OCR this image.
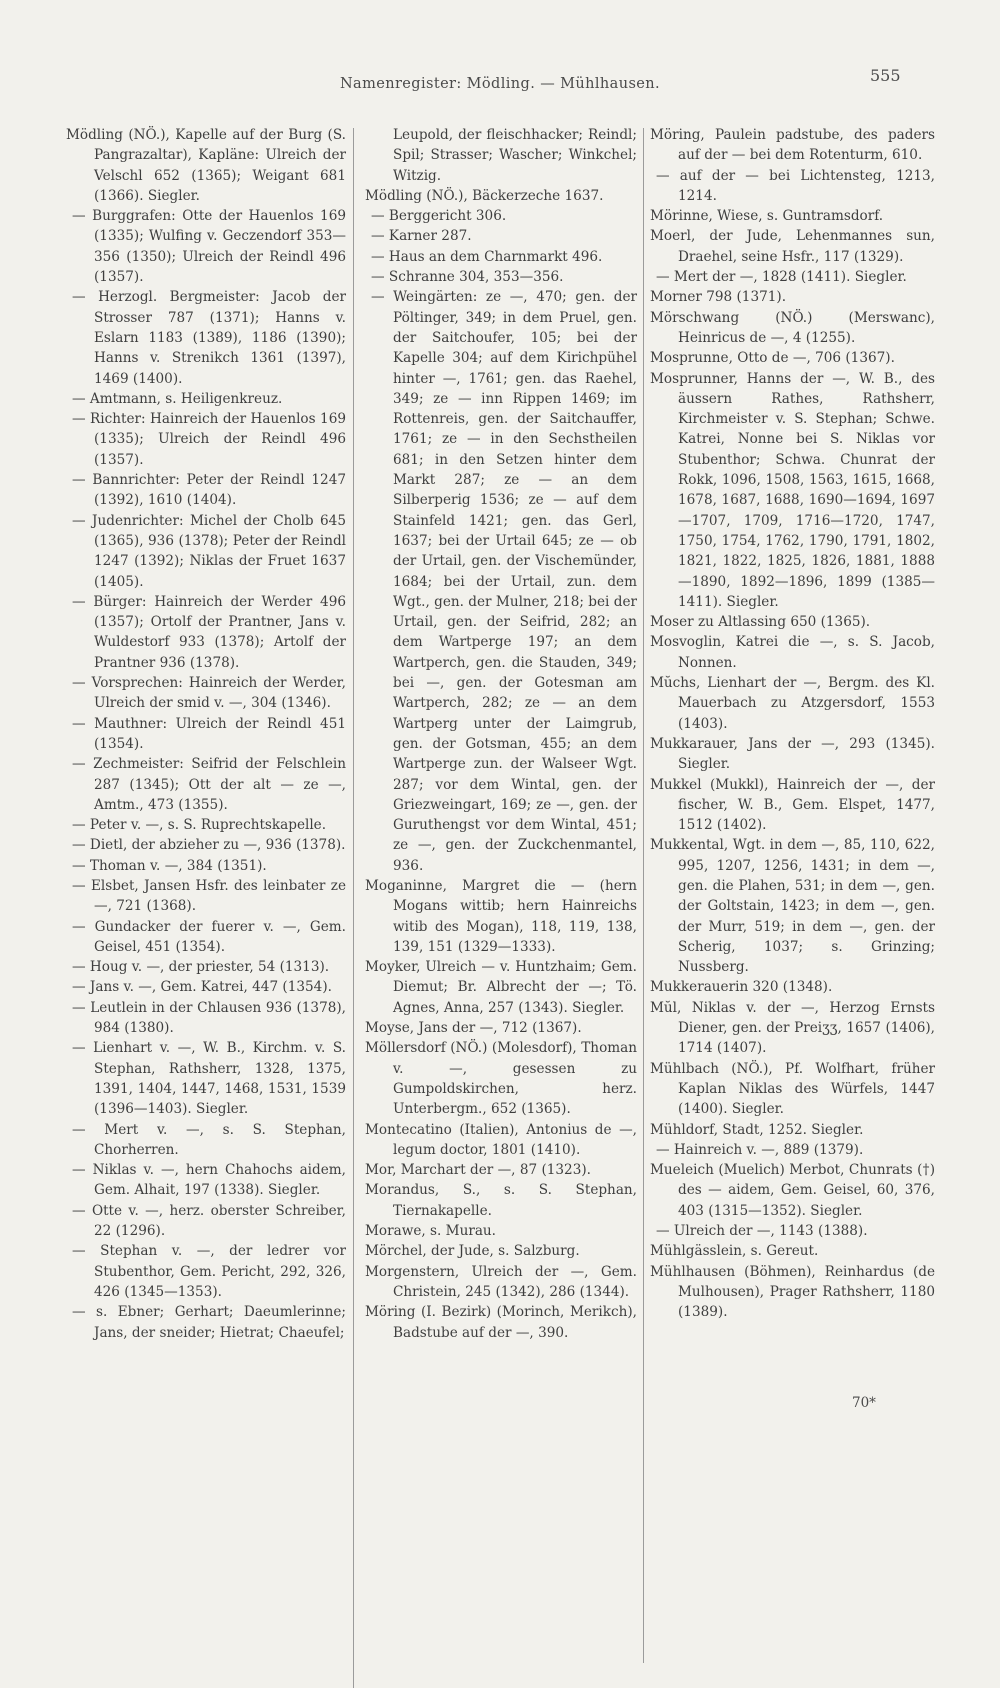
Namenregister: Mödling. — Mühlhausen.	555

Mödling (NÖ.), Kapelle auf der Burg (S. Pangrazaltar), Kapläne: Ulreich der Velschl 652 (1365); Weigant 681 (1366). Siegler.

— Burggrafen: Otte der Hauenlos 169 (1335); Wulfing v. Geczendorf 353—356 (1350); Ulreich der Reindl 496 (1357).

— Herzogl. Bergmeister: Jacob der Strosser 787 (1371); Hanns v. Eslarn 1183 (1389), 1186 (1390); Hanns v. Strenikch 1361 (1397), 1469 (1400).

— Amtmann, s. Heiligenkreuz.

— Richter: Hainreich der Hauenlos 169 (1335); Ulreich der Reindl 496 (1357).

— Bannrichter: Peter der Reindl 1247 (1392), 1610 (1404).

— Judenrichter: Michel der Cholb 645 (1365), 936 (1378); Peter der Reindl 1247 (1392); Niklas der Fruet 1637 (1405).

— Bürger: Hainreich der Werder 496 (1357); Ortolf der Prantner, Jans v. Wuldestorf 933 (1378); Artolf der Prantner 936 (1378).

— Vorsprechen: Hainreich der Werder, Ulreich der smid v. —, 304 (1346).

— Mauthner: Ulreich der Reindl 451 (1354).

— Zechmeister: Seifrid der Felschlein 287 (1345); Ott der alt — ze —, Amtm., 473 (1355).

— Peter v. —, s. S. Ruprechtskapelle.

— Dietl, der abzieher zu —, 936 (1378).

— Thoman v. —, 384 (1351).

— Elsbet, Jansen Hsfr. des leinbater ze —, 721 (1368).

— Gundacker der fuerer v. —, Gem. Geisel, 451 (1354).

— Houg v. —, der priester, 54 (1313).

— Jans v. —, Gem. Katrei, 447 (1354).

— Leutlein in der Chlausen 936 (1378), 984 (1380).

— Lienhart v. —, W. B., Kirchm. v. S. Stephan, Rathsherr, 1328, 1375, 1391, 1404, 1447, 1468, 1531, 1539 (1396—1403). Siegler.

— Mert v. —, s. S. Stephan, Chorherren.

— Niklas v. —, hern Chahochs aidem, Gem. Alhait, 197 (1338). Siegler.

— Otte v. —, herz. oberster Schreiber, 22 (1296).

— Stephan v. —, der ledrer vor Stubenthor, Gem. Pericht, 292, 326, 426 (1345—1353).

— s. Ebner; Gerhart; Daeumlerinne; Jans, der sneider; Hietrat; Chaeufel;

Leupold, der fleischhacker; Reindl; Spil; Strasser; Wascher; Winkchel; Witzig.

Mödling (NÖ.), Bäckerzeche 1637.

— Berggericht 306.

— Karner 287.

— Haus an dem Charnmarkt 496.

— Schranne 304, 353—356.

— Weingärten: ze —, 470; gen. der Pöltinger, 349; in dem Pruel, gen. der Saitchoufer, 105; bei der Kapelle 304; auf dem Kirichpühel hinter —, 1761; gen. das Raehel, 349; ze — inn Rippen 1469; im Rottenreis, gen. der Saitchauffer, 1761; ze — in den Sechstheilen 681; in den Setzen hinter dem Markt 287; ze — an dem Silberperig 1536; ze — auf dem Stainfeld 1421; gen. das Gerl, 1637; bei der Urtail 645; ze — ob der Urtail, gen. der Vischemünder, 1684; bei der Urtail, zun. dem Wgt., gen. der Mulner, 218; bei der Urtail, gen. der Seifrid, 282; an dem Wartperge 197; an dem Wartperch, gen. die Stauden, 349; bei —, gen. der Gotesman am Wartperch, 282; ze — an dem Wartperg unter der Laimgrub, gen. der Gotsman, 455; an dem Wartperge zun. der Walseer Wgt. 287; vor dem Wintal, gen. der Griezweingart, 169; ze —, gen. der Guruthengst vor dem Wintal, 451; ze —, gen. der Zuckchenmantel, 936.

Moganinne, Margret die — (hern Mogans wittib; hern Hainreichs witib des Mogan), 118, 119, 138, 139, 151 (1329—1333).

Moyker, Ulreich — v. Huntzhaim; Gem. Diemut; Br. Albrecht der —; Tö. Agnes, Anna, 257 (1343). Siegler.

Moyse, Jans der —, 712 (1367).

Möllersdorf (NÖ.) (Molesdorf), Thoman v. —, gesessen zu Gumpoldskirchen, herz. Unterbergm., 652 (1365).

Montecatino (Italien), Antonius de —, legum doctor, 1801 (1410).

Mor, Marchart der —, 87 (1323).

Morandus, S., s. S. Stephan, Tiernakapelle.

Morawe, s. Murau.

Mörchel, der Jude, s. Salzburg.

Morgenstern, Ulreich der —, Gem. Christein, 245 (1342), 286 (1344).

Möring (I. Bezirk) (Morinch, Merikch), Badstube auf der —, 390.

Möring, Paulein padstube, des paders auf der — bei dem Rotenturm, 610.

— auf der — bei Lichtensteg, 1213, 1214.

Mörinne, Wiese, s. Guntramsdorf.

Moerl, der Jude, Lehenmannes sun, Draehel, seine Hsfr., 117 (1329).

— Mert der —, 1828 (1411). Siegler.

Morner 798 (1371).

Mörschwang (NÖ.) (Merswanc), Heinricus de —, 4 (1255).

Mosprunne, Otto de —, 706 (1367).

Mosprunner, Hanns der —, W. B., des äussern Rathes, Rathsherr, Kirchmeister v. S. Stephan; Schwe. Katrei, Nonne bei S. Niklas vor Stubenthor; Schwa. Chunrat der Rokk, 1096, 1508, 1563, 1615, 1668, 1678, 1687, 1688, 1690—1694, 1697—1707, 1709, 1716—1720, 1747, 1750, 1754, 1762, 1790, 1791, 1802, 1821, 1822, 1825, 1826, 1881, 1888—1890, 1892—1896, 1899 (1385—1411). Siegler.

Moser zu Altlassing 650 (1365).

Mosvoglin, Katrei die —, s. S. Jacob, Nonnen.

Mŭchs, Lienhart der —, Bergm. des Kl. Mauerbach zu Atzgersdorf, 1553 (1403).

Mukkarauer, Jans der —, 293 (1345). Siegler.

Mukkel (Mukkl), Hainreich der —, der fischer, W. B., Gem. Elspet, 1477, 1512 (1402).

Mukkental, Wgt. in dem —, 85, 110, 622, 995, 1207, 1256, 1431; in dem —, gen. die Plahen, 531; in dem —, gen. der Goltstain, 1423; in dem —, gen. der Murr, 519; in dem —, gen. der Scherig, 1037; s. Grinzing; Nussberg.

Mukkerauerin 320 (1348).

Mŭl, Niklas v. der —, Herzog Ernsts Diener, gen. der Preiʒʒ, 1657 (1406), 1714 (1407).

Mühlbach (NÖ.), Pf. Wolfhart, früher Kaplan Niklas des Würfels, 1447 (1400). Siegler.

Mühldorf, Stadt, 1252. Siegler.

— Hainreich v. —, 889 (1379).

Mueleich (Muelich) Merbot, Chunrats (†) des — aidem, Gem. Geisel, 60, 376, 403 (1315—1352). Siegler.

— Ulreich der —, 1143 (1388).

Mühlgässlein, s. Gereut.

Mühlhausen (Böhmen), Reinhardus (de Mulhousen), Prager Rathsherr, 1180 (1389).

70*
